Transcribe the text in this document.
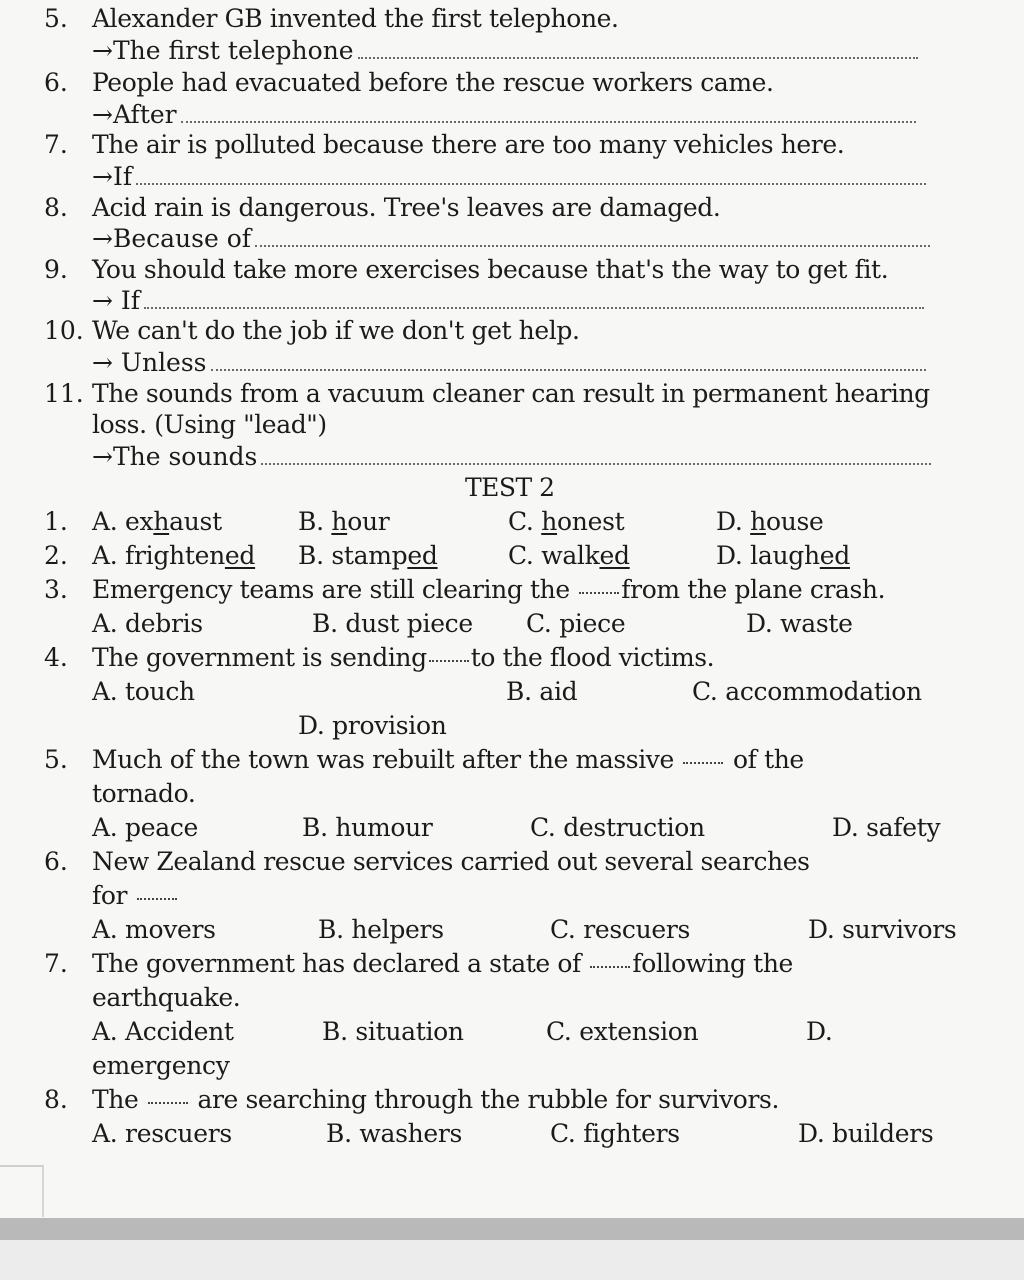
5. Alexander GB invented the first telephone.
→The first telephone
6. People had evacuated before the rescue workers came.
→After
7. The air is polluted because there are too many vehicles here.
→If
8. Acid rain is dangerous. Tree's leaves are damaged.
→Because of
9. You should take more exercises because that's the way to get fit.
→ If
10. We can't do the job if we don't get help.
→ Unless
11. The sounds from a vacuum cleaner can result in permanent hearing
loss. (Using "lead")
→The sounds
TEST 2
1. A. exhaust	B. hour	C. honest	D. house
2. A. frightened B. stamped	C. walked	D. laughed
3. Emergency teams are still clearing the from the plane crash.
A. debris	B. dust piece C. piece	D. waste
4. The government is sending to the flood victims.
A. touch	B. aid	C. accommodation
D. provision
5. Much of the town was rebuilt after the massive of the
tornado.
A. peace	B. humour	C. destruction	D. safety
6. New Zealand rescue services carried out several searches
for
A. movers	B. helpers	C. rescuers	D. survivors
7. The government has declared a state of following the
earthquake.
A. Accident	B. situation	C. extension	D.
emergency
8. The are searching through the rubble for survivors.
A. rescuers	B. washers	C. fighters	D. builders
